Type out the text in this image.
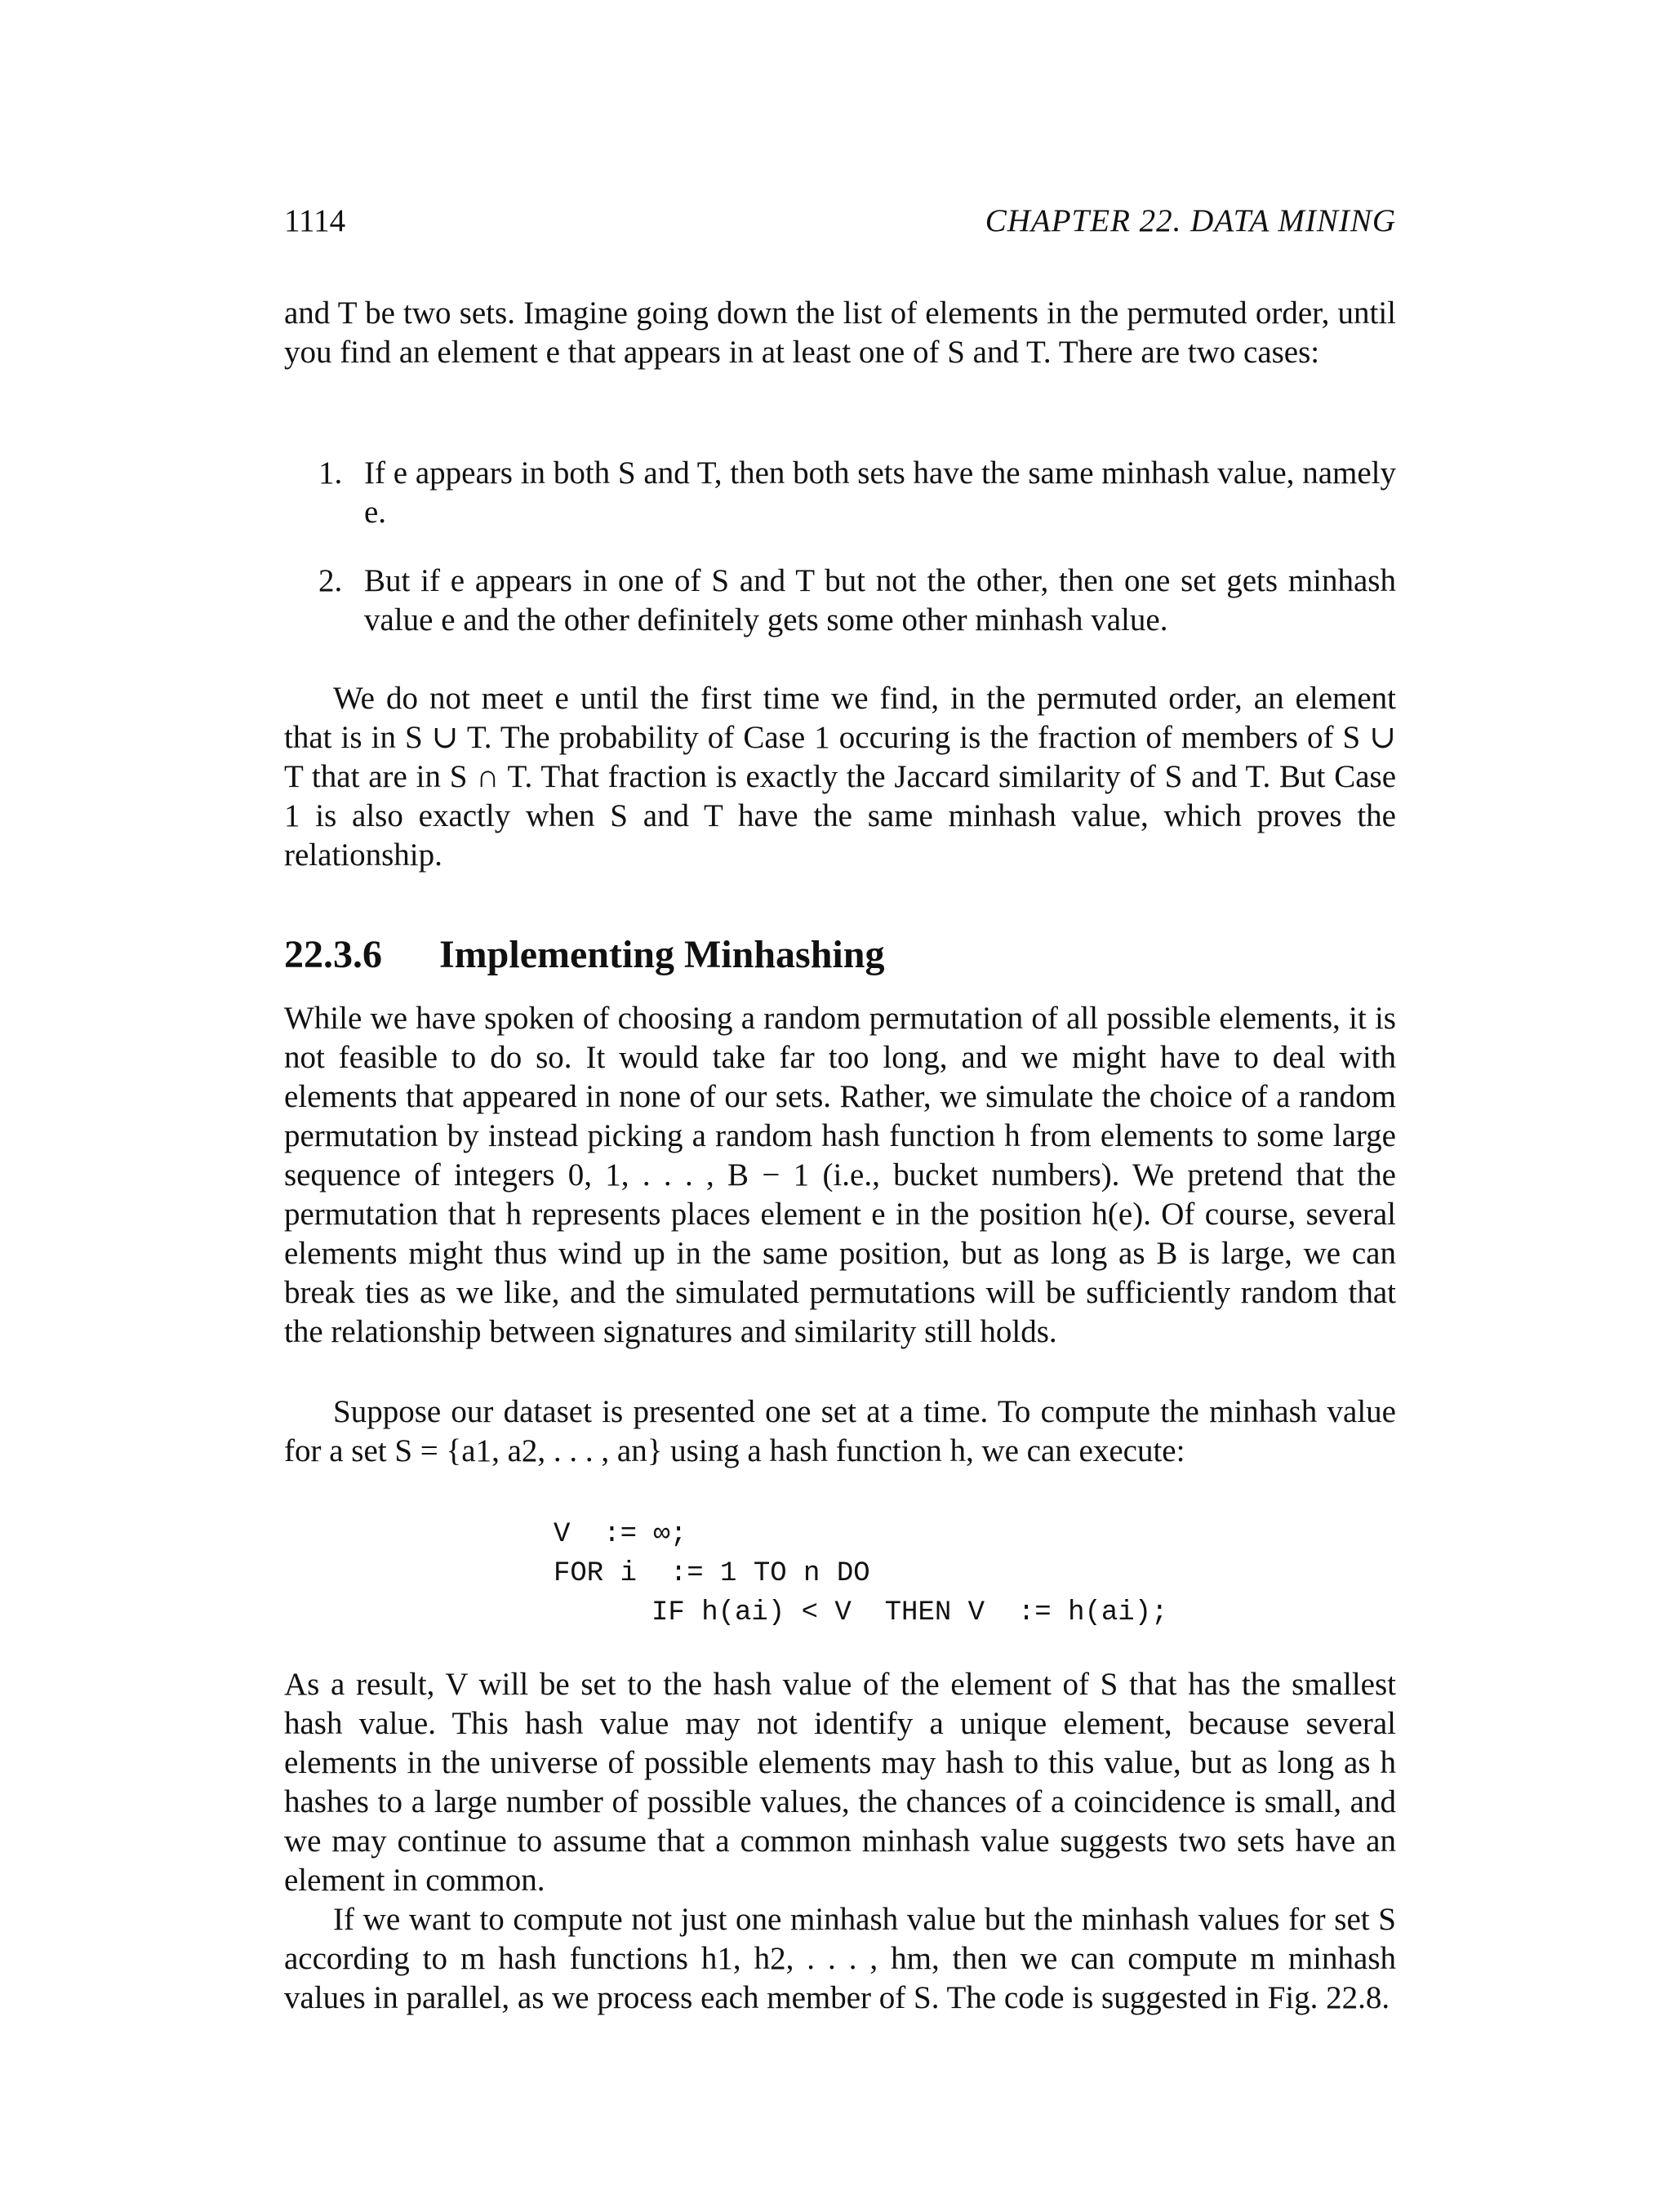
1114	CHAPTER 22. DATA MINING

and T be two sets. Imagine going down the list of elements in the permuted order, until you find an element e that appears in at least one of S and T. There are two cases:

1. If e appears in both S and T, then both sets have the same minhash value, namely e.
2. But if e appears in one of S and T but not the other, then one set gets minhash value e and the other definitely gets some other minhash value.

We do not meet e until the first time we find, in the permuted order, an element that is in S ∪ T. The probability of Case 1 occuring is the fraction of members of S ∪ T that are in S ∩ T. That fraction is exactly the Jaccard similarity of S and T. But Case 1 is also exactly when S and T have the same minhash value, which proves the relationship.

22.3.6 Implementing Minhashing

While we have spoken of choosing a random permutation of all possible elements, it is not feasible to do so. It would take far too long, and we might have to deal with elements that appeared in none of our sets. Rather, we simulate the choice of a random permutation by instead picking a random hash function h from elements to some large sequence of integers 0, 1, . . . , B − 1 (i.e., bucket numbers). We pretend that the permutation that h represents places element e in the position h(e). Of course, several elements might thus wind up in the same position, but as long as B is large, we can break ties as we like, and the simulated permutations will be sufficiently random that the relationship between signatures and similarity still holds.

Suppose our dataset is presented one set at a time. To compute the minhash value for a set S = {a1, a2, . . . , an} using a hash function h, we can execute:

V  := ∞;
FOR i  := 1 TO n DO
IF h(ai) < V  THEN V  := h(ai);

As a result, V will be set to the hash value of the element of S that has the smallest hash value. This hash value may not identify a unique element, because several elements in the universe of possible elements may hash to this value, but as long as h hashes to a large number of possible values, the chances of a coincidence is small, and we may continue to assume that a common minhash value suggests two sets have an element in common.

If we want to compute not just one minhash value but the minhash values for set S according to m hash functions h1, h2, . . . , hm, then we can compute m minhash values in parallel, as we process each member of S. The code is suggested in Fig. 22.8.
